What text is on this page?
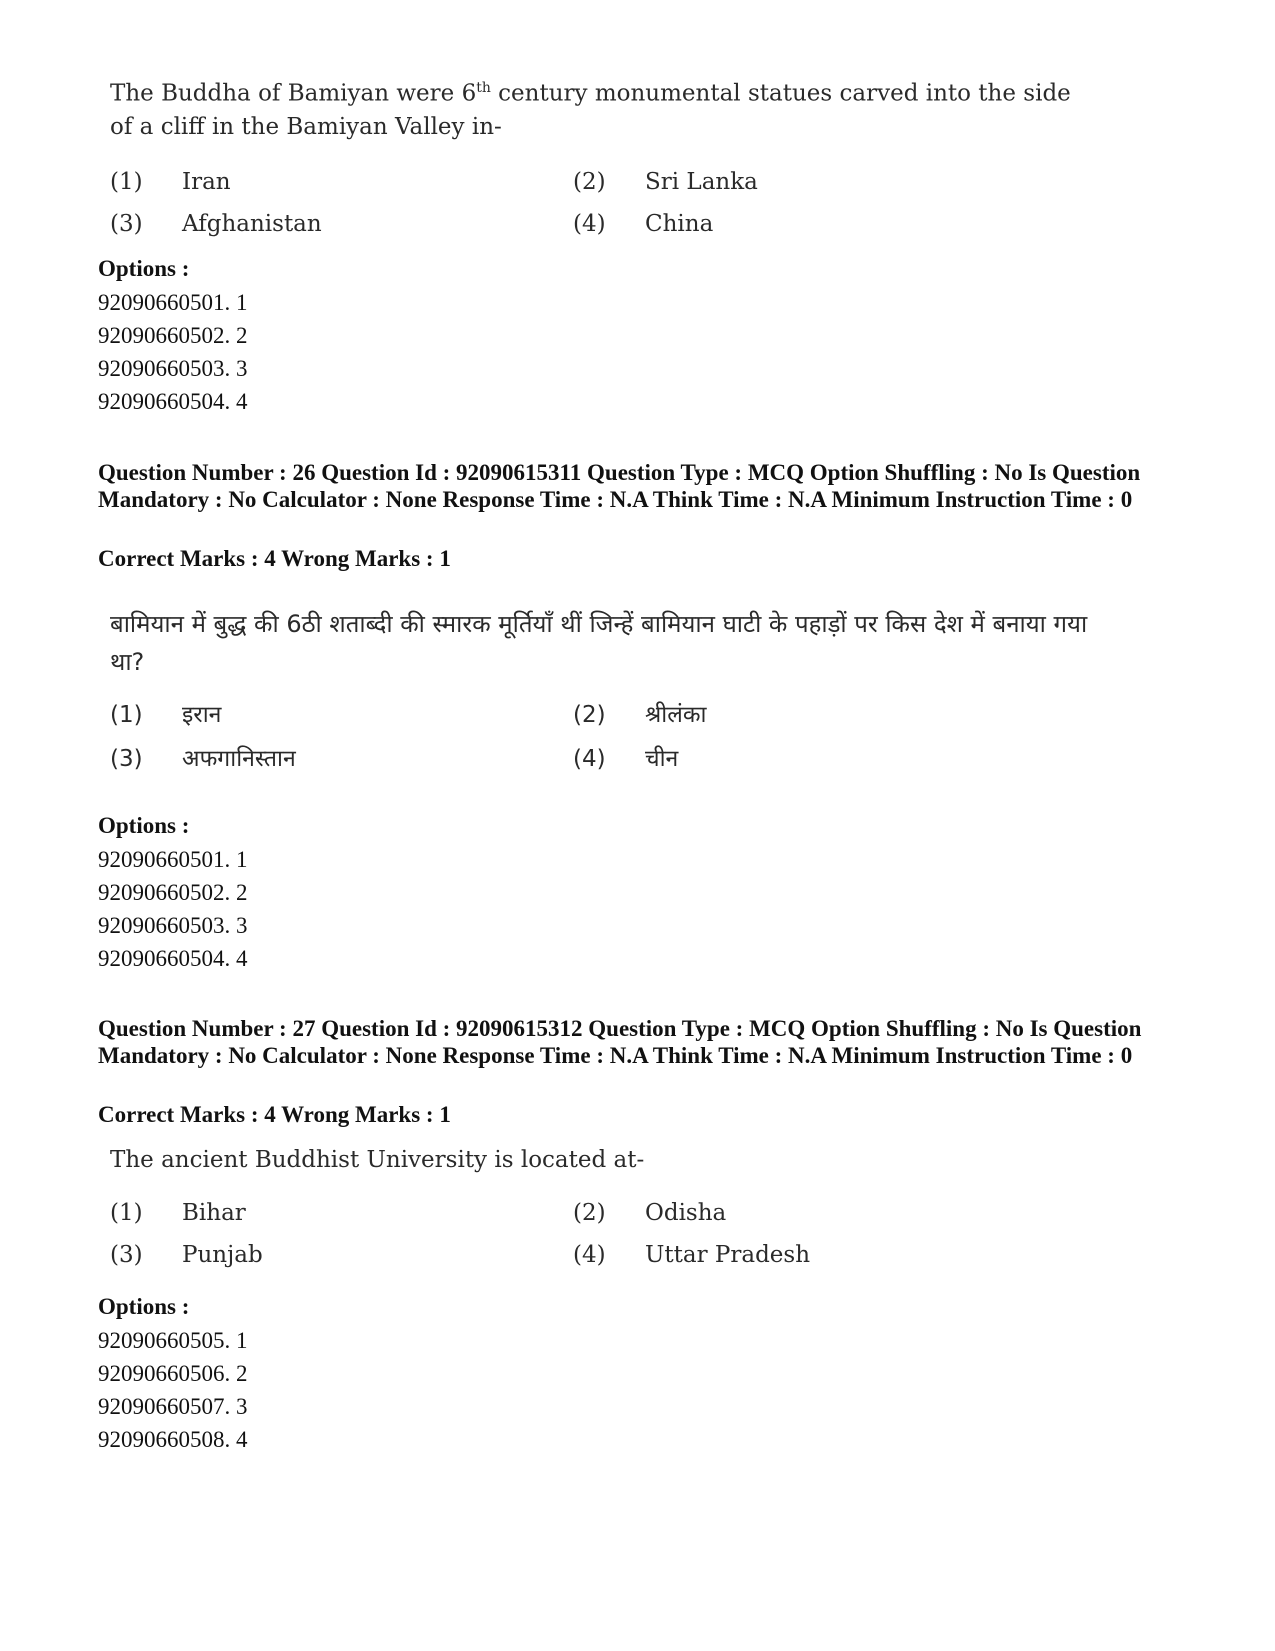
The Buddha of Bamiyan were 6th century monumental statues carved into the side of a cliff in the Bamiyan Valley in-
(1) Iran	(2) Sri Lanka
(3) Afghanistan	(4) China
Options :
92090660501. 1
92090660502. 2
92090660503. 3
92090660504. 4
Question Number : 26 Question Id : 92090615311 Question Type : MCQ Option Shuffling : No Is Question Mandatory : No Calculator : None Response Time : N.A Think Time : N.A Minimum Instruction Time : 0
Correct Marks : 4 Wrong Marks : 1
बामियान में बुद्ध की 6ठी शताब्दी की स्मारक मूर्तियाँ थीं जिन्हें बामियान घाटी के पहाड़ों पर किस देश में बनाया गया था?
(1) इरान	(2) श्रीलंका
(3) अफगानिस्तान	(4) चीन
Options :
92090660501. 1
92090660502. 2
92090660503. 3
92090660504. 4
Question Number : 27 Question Id : 92090615312 Question Type : MCQ Option Shuffling : No Is Question Mandatory : No Calculator : None Response Time : N.A Think Time : N.A Minimum Instruction Time : 0
Correct Marks : 4 Wrong Marks : 1
The ancient Buddhist University is located at-
(1) Bihar	(2) Odisha
(3) Punjab	(4) Uttar Pradesh
Options :
92090660505. 1
92090660506. 2
92090660507. 3
92090660508. 4
